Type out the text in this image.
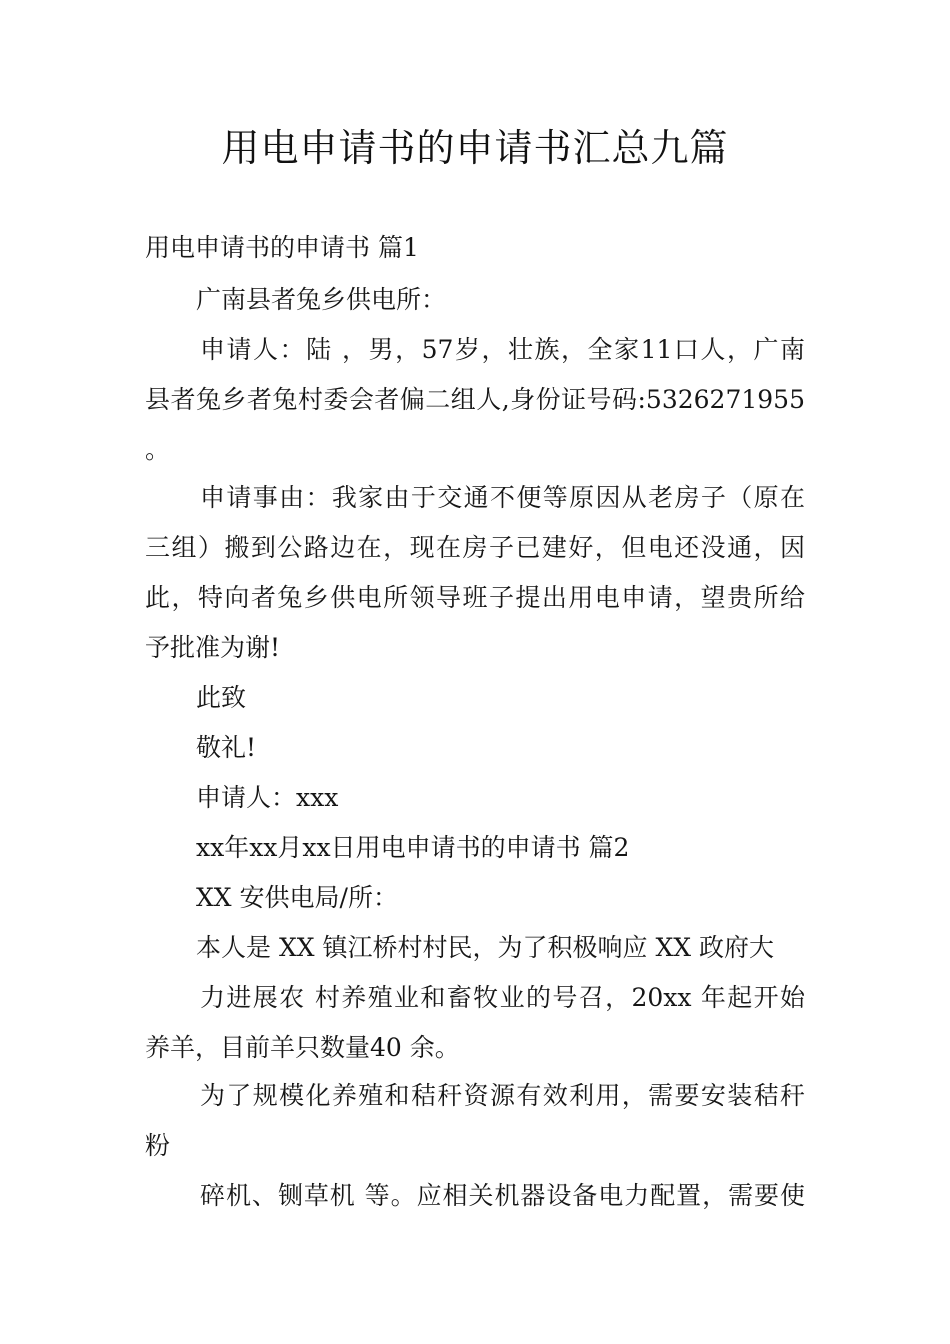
用电申请书的申请书汇总九篇
用电申请书的申请书 篇1
广南县者兔乡供电所：
申请人：陆 ，男，57岁，壮族，全家11口人，广南
县者兔乡者兔村委会者偏二组人,身份证号码:5326271955
。
申请事由：我家由于交通不便等原因从老房子（原在
三组）搬到公路边在，现在房子已建好，但电还没通，因
此，特向者兔乡供电所领导班子提出用电申请，望贵所给
予批准为谢!
此致
敬礼!
申请人：xxx
xx年xx月xx日用电申请书的申请书 篇2
XX 安供电局/所：
本人是 XX 镇江桥村村民，为了积极响应 XX 政府大
力进展农 村养殖业和畜牧业的号召，20xx 年起开始
养羊，目前羊只数量40 余。
为了规模化养殖和秸秆资源有效利用，需要安装秸秆
粉
碎机、铡草机 等。应相关机器设备电力配置，需要使
